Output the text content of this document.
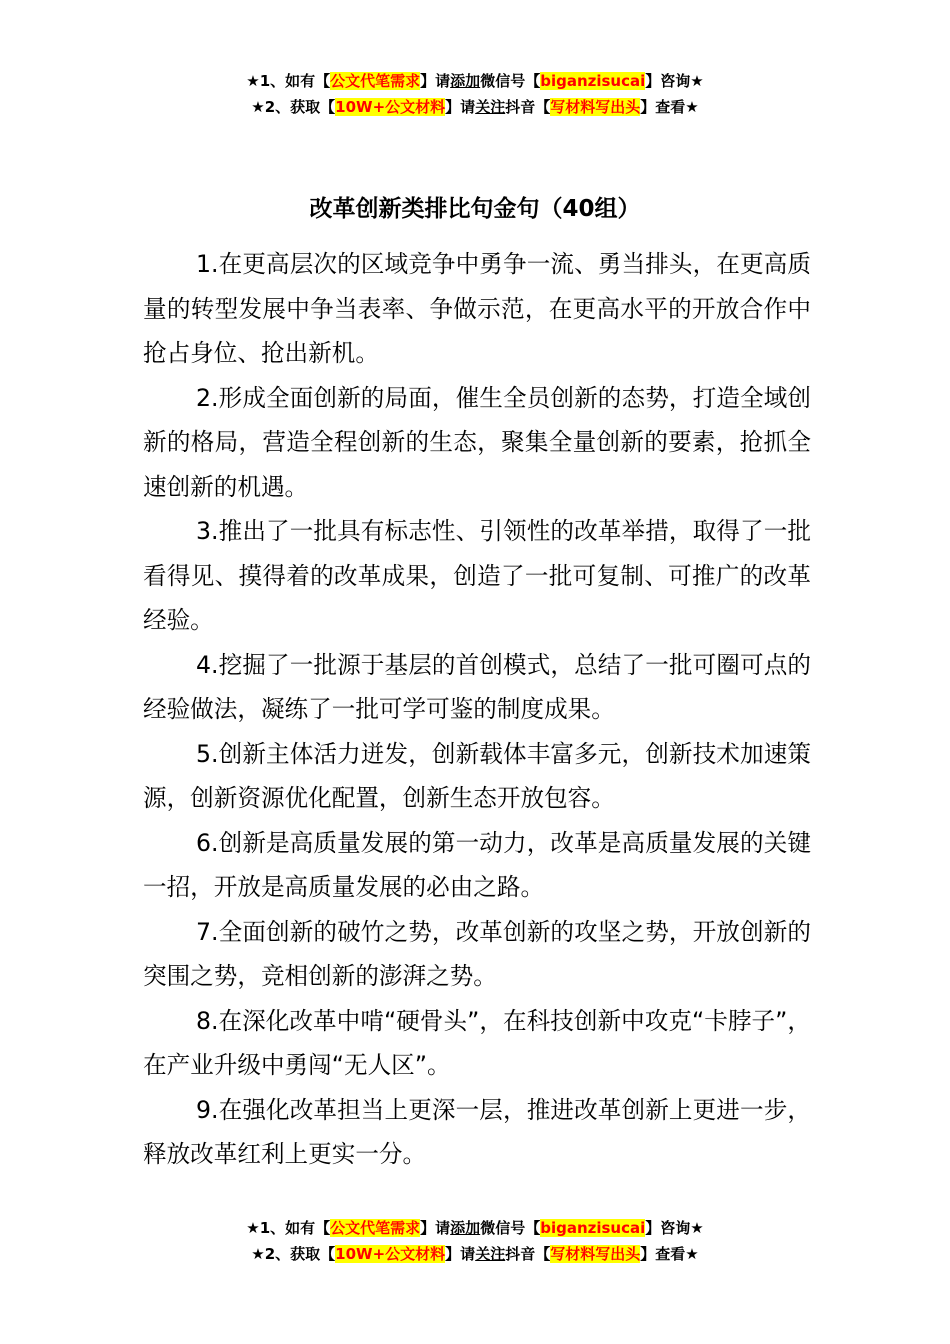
★1、如有【公文代笔需求】请添加微信号【biganzisucai】咨询★
★2、获取【10W+公文材料】请关注抖音【写材料写出头】查看★
改革创新类排比句金句（40组）

1.在更高层次的区域竞争中勇争一流、勇当排头，在更高质量的转型发展中争当表率、争做示范，在更高水平的开放合作中抢占身位、抢出新机。

2.形成全面创新的局面，催生全员创新的态势，打造全域创新的格局，营造全程创新的生态，聚集全量创新的要素，抢抓全速创新的机遇。

3.推出了一批具有标志性、引领性的改革举措，取得了一批看得见、摸得着的改革成果，创造了一批可复制、可推广的改革经验。

4.挖掘了一批源于基层的首创模式，总结了一批可圈可点的经验做法，凝练了一批可学可鉴的制度成果。

5.创新主体活力迸发，创新载体丰富多元，创新技术加速策源，创新资源优化配置，创新生态开放包容。

6.创新是高质量发展的第一动力，改革是高质量发展的关键一招，开放是高质量发展的必由之路。

7.全面创新的破竹之势，改革创新的攻坚之势，开放创新的突围之势，竞相创新的澎湃之势。

8.在深化改革中啃“硬骨头”，在科技创新中攻克“卡脖子”，在产业升级中勇闯“无人区”。

9.在强化改革担当上更深一层，推进改革创新上更进一步，释放改革红利上更实一分。

★1、如有【公文代笔需求】请添加微信号【biganzisucai】咨询★
★2、获取【10W+公文材料】请关注抖音【写材料写出头】查看★
